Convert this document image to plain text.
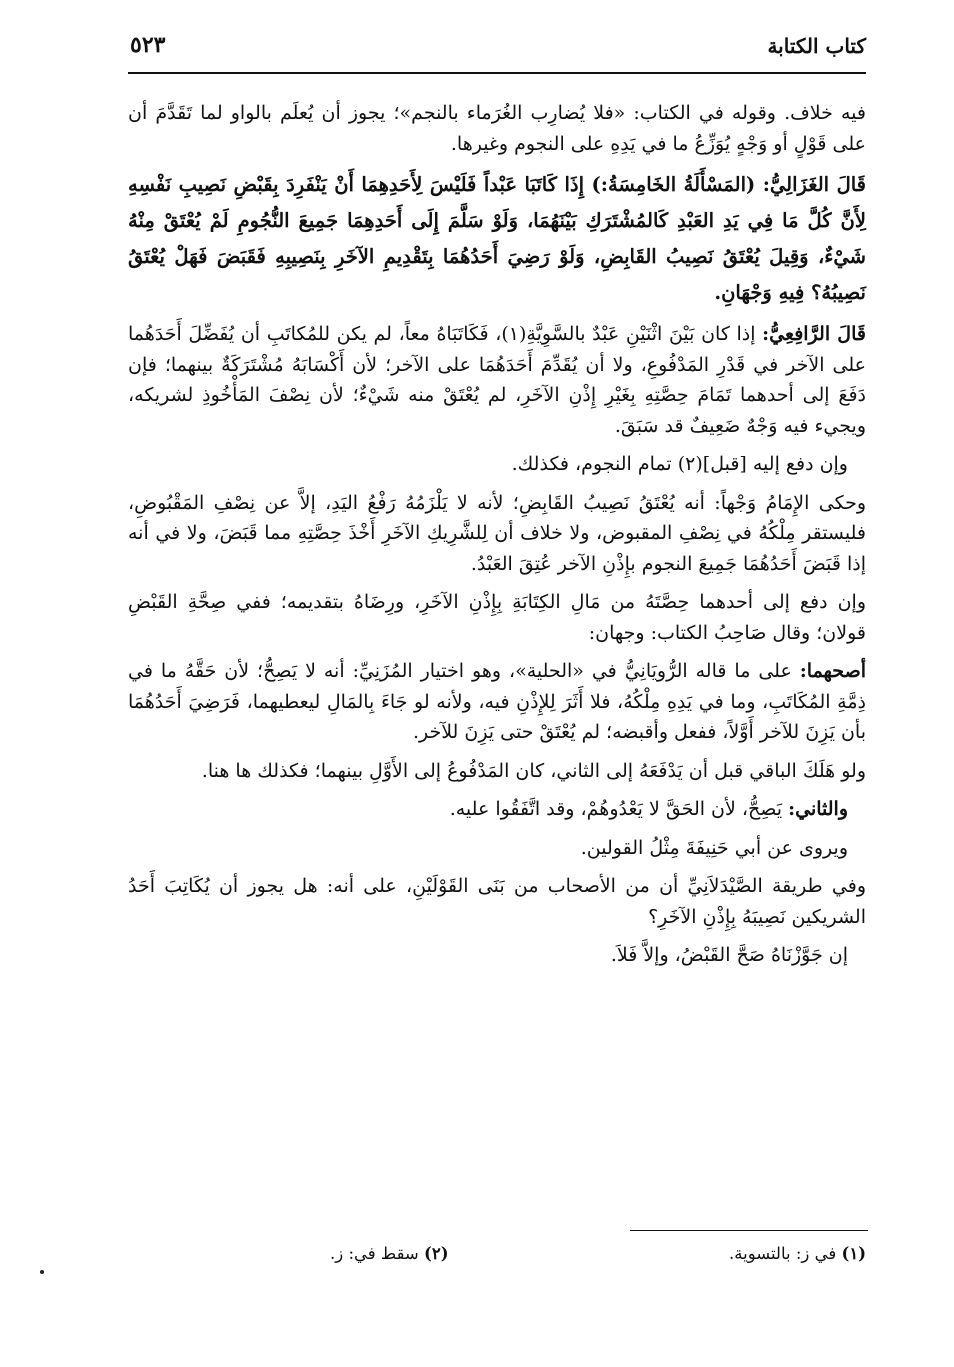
كتاب الكتابة
٥٢٣

فيه خلاف. وقوله في الكتاب: «فلا يُضارِب الغُرَماء بالنجم»؛ يجوز أن يُعلَم بالواو لما تَقَدَّمَ أن على قَوْلٍ أو وَجْهٍ يُوَزِّعُ ما في يَدِهِ على النجوم وغيرها.

قَالَ الغَزَالِيُّ: (المَسْأَلَةُ الخَامِسَةُ:) إِذَا كَاتَبَا عَبْداً فَلَيْسَ لِأَحَدِهِمَا أَنْ يَنْفَرِدَ بِقَبْضِ نَصِيبِ نَفْسِهِ لِأَنَّ كُلَّ مَا فِي يَدِ العَبْدِ كَالمُشْتَرَكِ بَيْنَهُمَا، وَلَوْ سَلَّمَ إِلَى أَحَدِهِمَا جَمِيعَ النُّجُومِ لَمْ يُعْتَقْ مِنْهُ شَيْءٌ، وَقِيلَ يُعْتَقُ نَصِيبُ القَابِضِ، وَلَوْ رَضِيَ أَحَدُهُمَا بِتَقْدِيمِ الآخَرِ بِنَصِيبِهِ فَقَبَضَ فَهَلْ يُعْتَقُ نَصِيبُهُ؟ فِيهِ وَجْهَانِ.

قَالَ الرَّافِعِيُّ: إذا كان بَيْنَ اثْنَيْنِ عَبْدٌ بالسَّوِيَّةِ(١)، فَكَاتَبَاهُ معاً، لم يكن للمُكاتَبِ أن يُفَضِّلَ أَحَدَهُما على الآخر في قَدْرِ المَدْفُوعِ، ولا أن يُقَدِّمَ أَحَدَهُمَا على الآخر؛ لأن أَكْسَابَهُ مُشْتَرَكَةٌ بينهما؛ فإن دَفَعَ إلى أحدهما تَمَامَ حِصَّتِهِ بِغَيْرِ إِذْنِ الآخَرِ، لم يُعْتَقْ منه شَيْءٌ؛ لأن نِصْفَ المَأْخُوذِ لشريكه، ويجيء فيه وَجْهٌ ضَعِيفٌ قد سَبَقَ.

وإن دفع إليه [قبل](٢) تمام النجوم، فكذلك.

وحكى الإِمَامُ وَجْهاً: أنه يُعْتَقُ نَصِيبُ القَابِضِ؛ لأنه لا يَلْزَمُهُ رَفْعُ اليَدِ، إلاَّ عن نِصْفِ المَقْبُوضِ، فليستقر مِلْكُهُ في نِصْفِ المقبوض، ولا خلاف أن لِلشَّرِيكِ الآخَرِ أَخْذَ حِصَّتِهِ مما قَبَضَ، ولا في أنه إذا قَبَضَ أَحَدُهُمَا جَمِيعَ النجوم بإِذْنِ الآخر عُتِقَ العَبْدُ.

وإن دفع إلى أحدهما حِصَّتَهُ من مَالِ الكِتَابَةِ بِإِذْنِ الآخَرِ، ورِضَاهُ بتقديمه؛ ففي صِحَّةِ القَبْضِ قولان؛ وقال صَاحِبُ الكتاب: وجهان:

أصحهما: على ما قاله الرُّويَانِيُّ في «الحلية»، وهو اختيار المُزَنِيِّ: أنه لا يَصِحُّ؛ لأن حَقَّهُ ما في ذِمَّةِ المُكَاتَبِ، وما في يَدِهِ مِلْكُهُ، فلا أَثَرَ لِلإِذْنِ فيه، ولأنه لو جَاءَ بِالمَالِ ليعطيهما، فَرَضِيَ أَحَدُهُمَا بأن يَزِنَ للآخر أَوَّلاً، ففعل وأقبضه؛ لم يُعْتَقْ حتى يَزِنَ للآخر.

ولو هَلَكَ الباقي قبل أن يَدْفَعَهُ إلى الثاني، كان المَدْفُوعُ إلى الأَوَّلِ بينهما؛ فكذلك ها هنا.

والثاني: يَصِحُّ، لأن الحَقَّ لا يَعْدُوهُمْ، وقد اتَّفَقُوا عليه.

ويروى عن أبي حَنِيفَةَ مِثْلُ القولين.

وفي طريقة الصَّيْدَلاَنِيِّ أن من الأصحاب من بَنَى القَوْلَيْنِ، على أنه: هل يجوز أن يُكَاتِبَ أَحَدُ الشريكين نَصِيبَهُ بِإِذْنِ الآخَرِ؟

إن جَوَّزْنَاهُ صَحَّ القَبْضُ، وإلاَّ فَلاَ.

(١) في ز: بالتسوية.
(٢) سقط في: ز.
